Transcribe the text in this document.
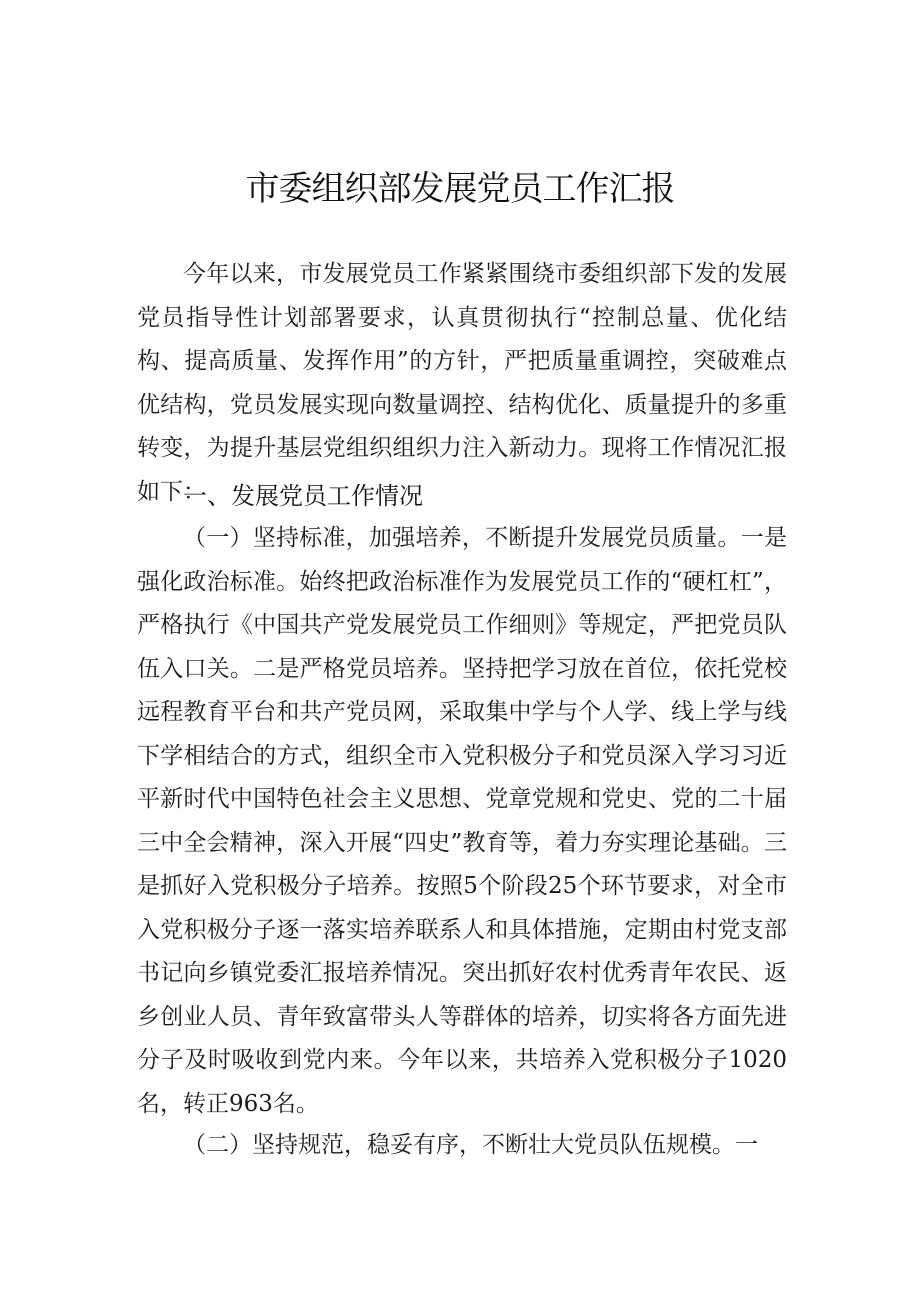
市委组织部发展党员工作汇报

今年以来，市发展党员工作紧紧围绕市委组织部下发的发展党员指导性计划部署要求，认真贯彻执行“控制总量、优化结构、提高质量、发挥作用”的方针，严把质量重调控，突破难点优结构，党员发展实现向数量调控、结构优化、质量提升的多重转变，为提升基层党组织组织力注入新动力。现将工作情况汇报如下：

一、发展党员工作情况

（一）坚持标准，加强培养，不断提升发展党员质量。一是强化政治标准。始终把政治标准作为发展党员工作的“硬杠杠”，严格执行《中国共产党发展党员工作细则》等规定，严把党员队伍入口关。二是严格党员培养。坚持把学习放在首位，依托党校远程教育平台和共产党员网，采取集中学与个人学、线上学与线下学相结合的方式，组织全市入党积极分子和党员深入学习习近平新时代中国特色社会主义思想、党章党规和党史、党的二十届三中全会精神，深入开展“四史”教育等，着力夯实理论基础。三是抓好入党积极分子培养。按照5个阶段25个环节要求，对全市入党积极分子逐一落实培养联系人和具体措施，定期由村党支部书记向乡镇党委汇报培养情况。突出抓好农村优秀青年农民、返乡创业人员、青年致富带头人等群体的培养，切实将各方面先进分子及时吸收到党内来。今年以来，共培养入党积极分子1020名，转正963名。

（二）坚持规范，稳妥有序，不断壮大党员队伍规模。一
